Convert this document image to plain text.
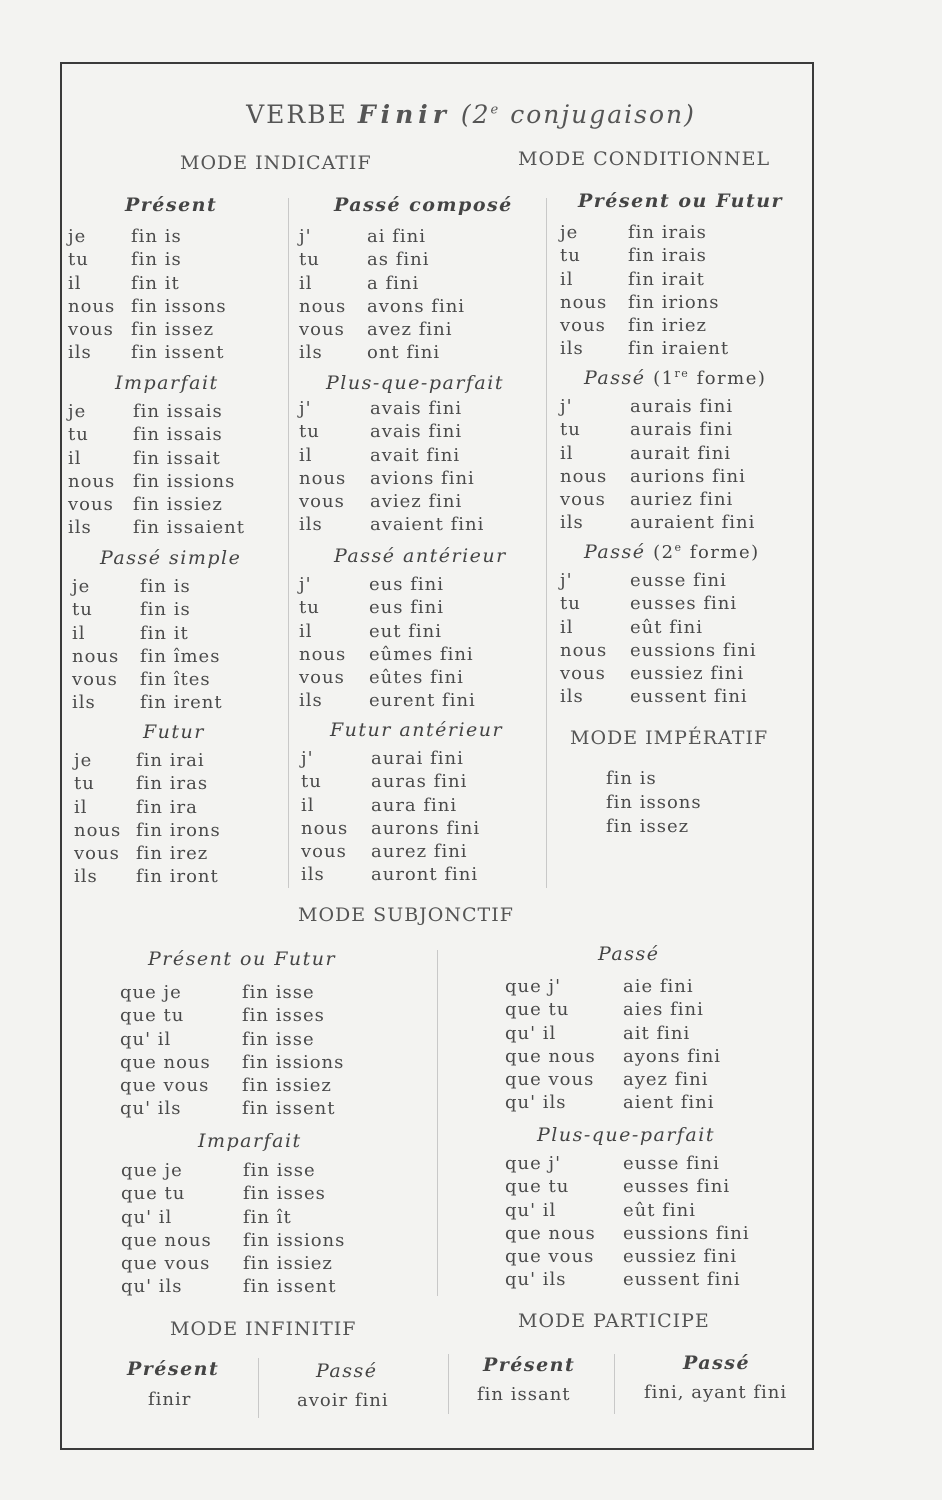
VERBE Finir (2e conjugaison)
MODE INDICATIF	MODE CONDITIONNEL
Présent
je fin is
tu fin is
il	fin it
nous fin issons
vous fin issez
ils fin issent
Imparfait
je	fin issais
tu fin issais
il	fin issait
nous fin issions
vous fin issiez
ils fin issaient
Passé simple
je	fin is
tu	fin is
il	fin it
nous fin îmes
vous fin îtes
ils fin irent
Futur
je fin irai
tu fin iras
il	fin ira
nous fin irons
vous fin irez
ils fin iront
Passé composé
j'	ai fini
tu	as fini
il	a fini
nous avons fini
vous avez fini
ils ont fini
Plus-que-parfait
j'	avais fini
tu	avais fini
il	avait fini
nous avions fini
vous aviez fini
ils	avaient fini
Passé antérieur
j'	eus fini
tu	eus fini
il	eut fini
nous eûmes fini
vous eûtes fini
ils	eurent fini
Futur antérieur
j'	aurai fini
tu	auras fini
il	aura fini
nous aurons fini
vous aurez fini
ils	auront fini
Présent ou Futur
je	fin irais
tu	fin irais
il	fin irait
nous fin irions
vous fin iriez
ils fin iraient
Passé (1re forme)
j'	aurais fini
tu	aurais fini
il	aurait fini
nous aurions fini
vous auriez fini
ils	auraient fini
Passé (2e forme)
j'	eusse fini
tu	eusses fini
il	eût fini
nous eussions fini
vous eussiez fini
ils	eussent fini
MODE IMPÉRATIF
fin is
fin issons
fin issez
MODE SUBJONCTIF
Présent ou Futur
que je	fin isse
que tu	fin isses
qu' il	fin isse
que nous fin issions
que vous fin issiez
qu' ils	fin issent
Imparfait
que je	fin isse
que tu	fin isses
qu' il	fin ît
que nous fin issions
que vous fin issiez
qu' ils	fin issent
Passé
que j'	aie fini
que tu	aies fini
qu' il	ait fini
que nous ayons fini
que vous ayez fini
qu' ils	aient fini
Plus-que-parfait
que j'	eusse fini
que tu	eusses fini
qu' il	eût fini
que nous eussions fini
que vous eussiez fini
qu' ils	eussent fini
MODE INFINITIF	MODE PARTICIPE
Présent
finir
Passé
avoir fini
Présent
fin issant
Passé
fini, ayant fini
